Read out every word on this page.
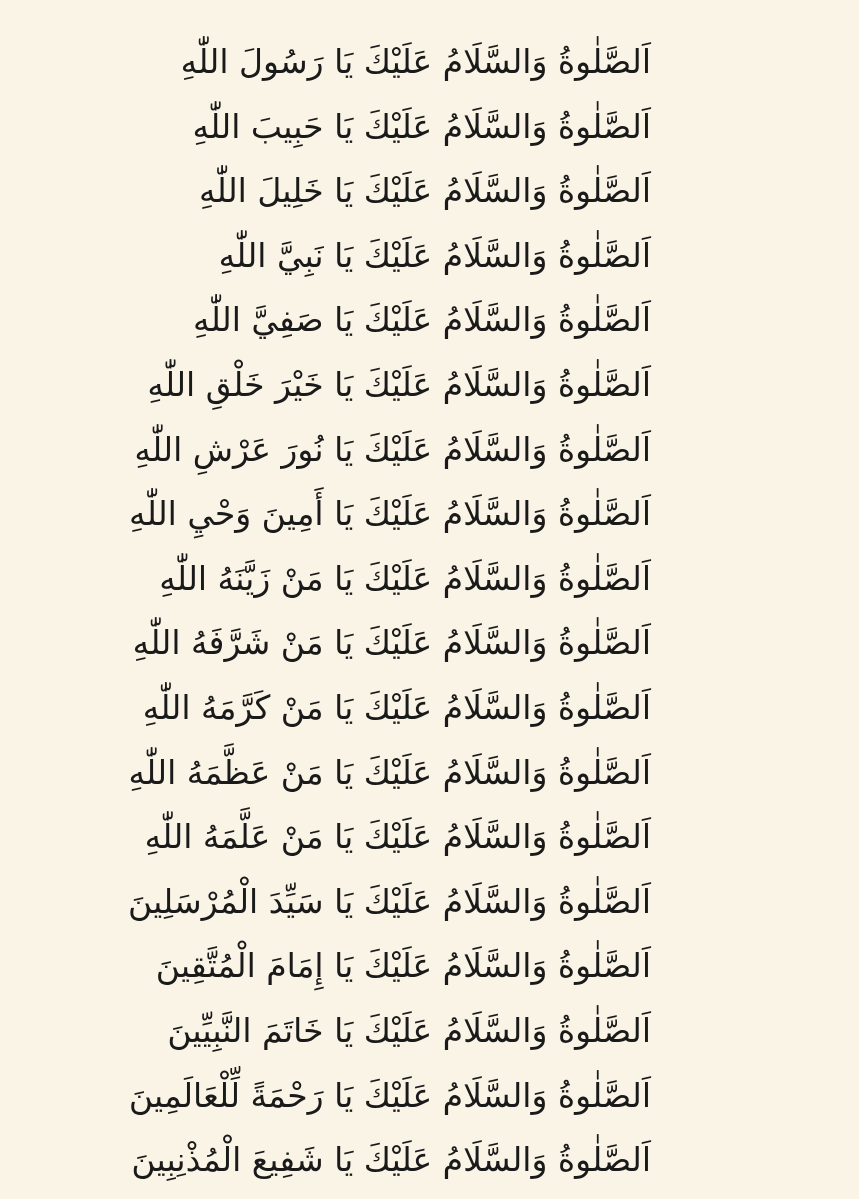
اَلصَّلٰوةُ وَالسَّلَامُ عَلَيْكَ يَا رَسُولَ اللّٰهِ
اَلصَّلٰوةُ وَالسَّلَامُ عَلَيْكَ يَا حَبِيبَ اللّٰهِ
اَلصَّلٰوةُ وَالسَّلَامُ عَلَيْكَ يَا خَلِيلَ اللّٰهِ
اَلصَّلٰوةُ وَالسَّلَامُ عَلَيْكَ يَا نَبِيَّ اللّٰهِ
اَلصَّلٰوةُ وَالسَّلَامُ عَلَيْكَ يَا صَفِيَّ اللّٰهِ
اَلصَّلٰوةُ وَالسَّلَامُ عَلَيْكَ يَا خَيْرَ خَلْقِ اللّٰهِ
اَلصَّلٰوةُ وَالسَّلَامُ عَلَيْكَ يَا نُورَ عَرْشِ اللّٰهِ
اَلصَّلٰوةُ وَالسَّلَامُ عَلَيْكَ يَا أَمِينَ وَحْيِ اللّٰهِ
اَلصَّلٰوةُ وَالسَّلَامُ عَلَيْكَ يَا مَنْ زَيَّنَهُ اللّٰهِ
اَلصَّلٰوةُ وَالسَّلَامُ عَلَيْكَ يَا مَنْ شَرَّفَهُ اللّٰهِ
اَلصَّلٰوةُ وَالسَّلَامُ عَلَيْكَ يَا مَنْ كَرَّمَهُ اللّٰهِ
اَلصَّلٰوةُ وَالسَّلَامُ عَلَيْكَ يَا مَنْ عَظَّمَهُ اللّٰهِ
اَلصَّلٰوةُ وَالسَّلَامُ عَلَيْكَ يَا مَنْ عَلَّمَهُ اللّٰهِ
اَلصَّلٰوةُ وَالسَّلَامُ عَلَيْكَ يَا سَيِّدَ الْمُرْسَلِينَ
اَلصَّلٰوةُ وَالسَّلَامُ عَلَيْكَ يَا إِمَامَ الْمُتَّقِينَ
اَلصَّلٰوةُ وَالسَّلَامُ عَلَيْكَ يَا خَاتَمَ النَّبِيِّينَ
اَلصَّلٰوةُ وَالسَّلَامُ عَلَيْكَ يَا رَحْمَةً لِّلْعَالَمِينَ
اَلصَّلٰوةُ وَالسَّلَامُ عَلَيْكَ يَا شَفِيعَ الْمُذْنِبِينَ
